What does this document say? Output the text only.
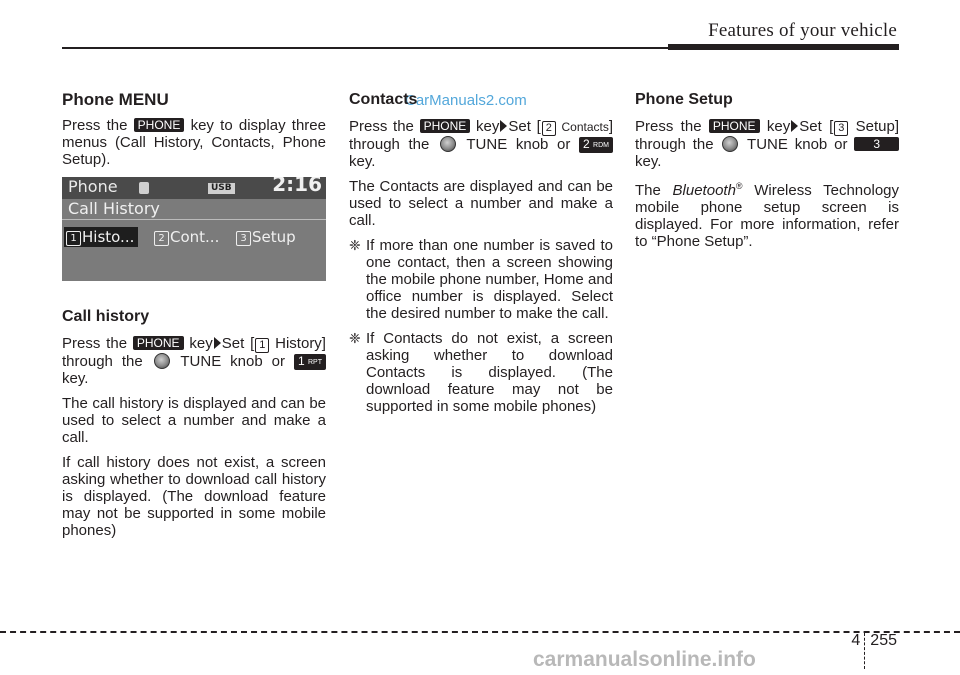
Features of your vehicle
CarManuals2.com
Phone MENU

Press the PHONE key to display three menus (Call History, Contacts, Phone Setup).

Phone	USB 2:16
Call History
1 Histo...	2 Cont...	3 Setup
Call history

Press the PHONE key Set [ 1 History] through the	TUNE knob or 1 RPT key.

The call history is displayed and can be used to select a number and make a call.

If call history does not exist, a screen asking whether to download call history is displayed. (The download feature may not be supported in some mobile phones)

Contacts

Press the PHONE key Set [ 2 Contacts] through the TUNE knob or 2 RDM key.

The Contacts are displayed and can be used to select a number and make a call.

❈ If more than one number is saved to one contact, then a screen showing the mobile phone number, Home and office number is displayed. Select the desired number to make the call.
❈ If Contacts do not exist, a screen asking whether to download Contacts is displayed. (The download feature may not be supported in some mobile phones)
Phone Setup

Press the PHONE key Set [ 3 Setup] through the TUNE knob or 3 key.

The Bluetooth® Wireless Technology mobile phone setup screen is displayed. For more information, refer to “Phone Setup”.

4 255
carmanualsonline.info
